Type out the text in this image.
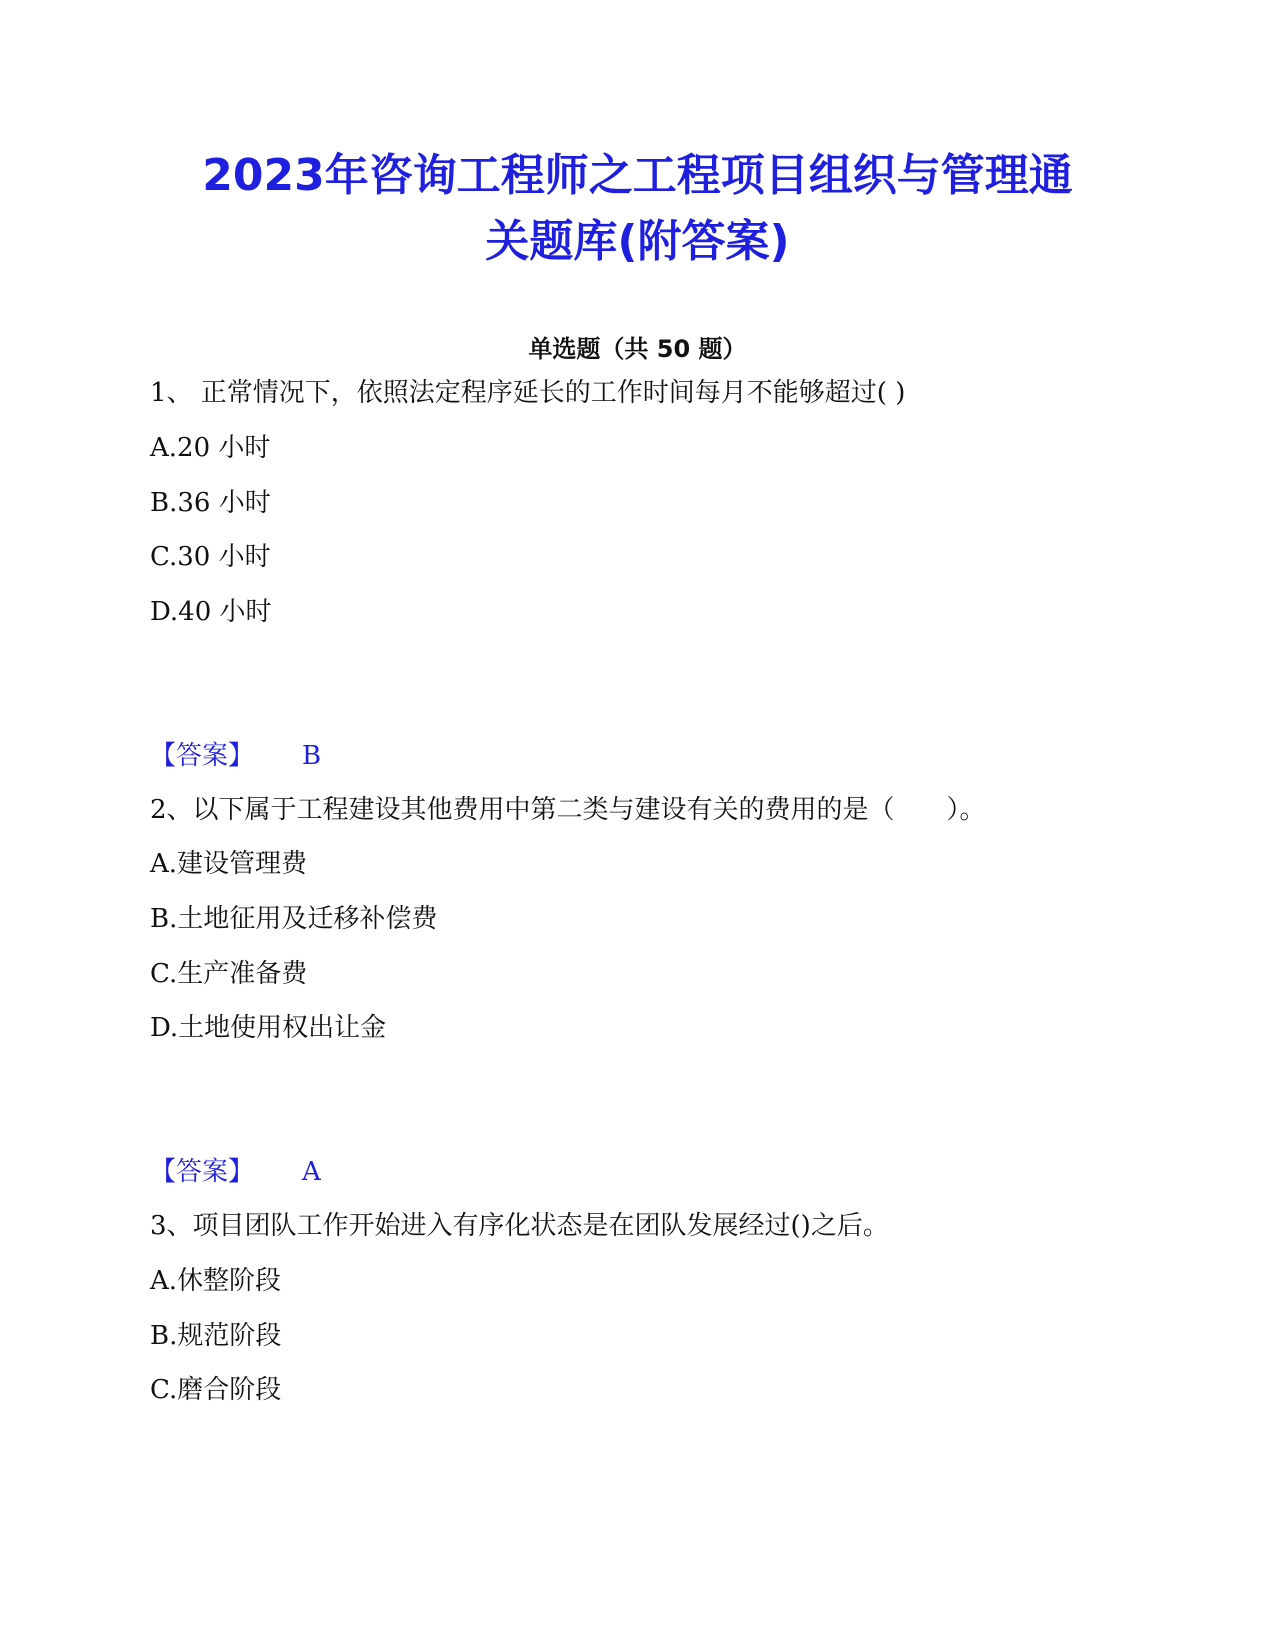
2023年咨询工程师之工程项目组织与管理通
关题库(附答案)
单选题（共 50 题）
1、 正常情况下，依照法定程序延长的工作时间每月不能够超过( )
A.20 小时
B.36 小时
C.30 小时
D.40 小时
【答案】 B
2、以下属于工程建设其他费用中第二类与建设有关的费用的是（　　）。
A.建设管理费
B.土地征用及迁移补偿费
C.生产准备费
D.土地使用权出让金
【答案】 A
3、项目团队工作开始进入有序化状态是在团队发展经过()之后。
A.休整阶段
B.规范阶段
C.磨合阶段
